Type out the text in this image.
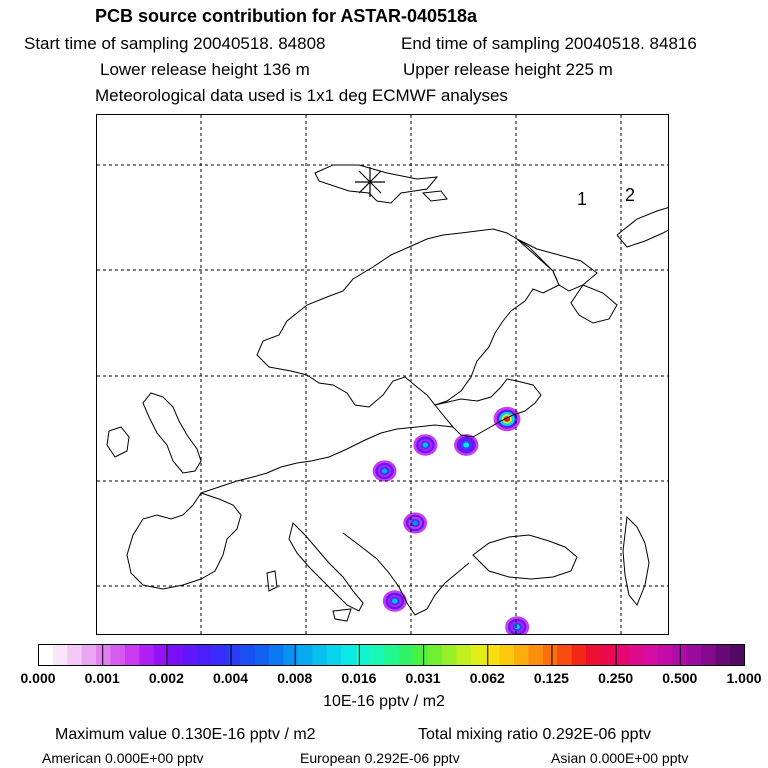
PCB source contribution for ASTAR-040518a
Start time of sampling 20040518. 84808	End time of sampling 20040518. 84816
Lower release height 136 m	Upper release height 225 m
Meteorological data used is 1x1 deg ECMWF analyses
1 2
0.000 0.001 0.002 0.004 0.008 0.016 0.031 0.062 0.125 0.250 0.500 1.000
10E-16 pptv / m2
Maximum value 0.130E-16 pptv / m2	Total mixing ratio 0.292E-06 pptv
American 0.000E+00 pptv	European 0.292E-06 pptv	Asian 0.000E+00 pptv
